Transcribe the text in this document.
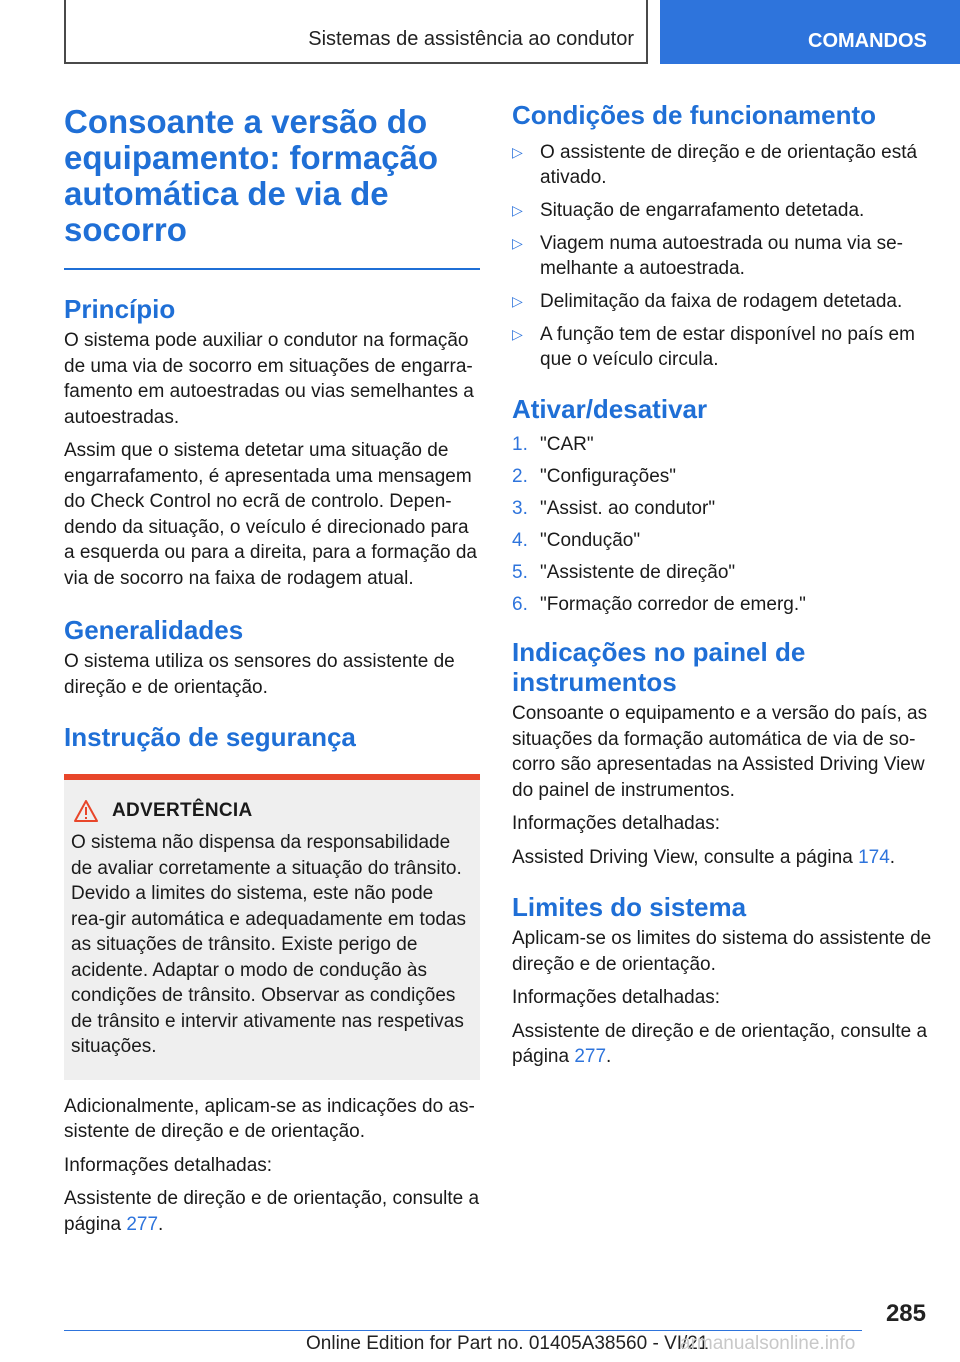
Sistemas de assistência ao condutor	COMANDOS
Consoante a versão do equipamento: formação automática de via de socorro
Princípio

O sistema pode auxiliar o condutor na formação de uma via de socorro em situações de engarra-famento em autoestradas ou vias semelhantes a autoestradas.

Assim que o sistema detetar uma situação de engarrafamento, é apresentada uma mensagem do Check Control no ecrã de controlo. Depen-dendo da situação, o veículo é direcionado para a esquerda ou para a direita, para a formação da via de socorro na faixa de rodagem atual.

Generalidades

O sistema utiliza os sensores do assistente de direção e de orientação.

Instrução de segurança
ADVERTÊNCIA
O sistema não dispensa da responsabilidade de avaliar corretamente a situação do trânsito. Devido a limites do sistema, este não pode rea-gir automática e adequadamente em todas as situações de trânsito. Existe perigo de acidente. Adaptar o modo de condução às condições de trânsito. Observar as condições de trânsito e intervir ativamente nas respetivas situações.

Adicionalmente, aplicam-se as indicações do as-sistente de direção e de orientação.

Informações detalhadas:

Assistente de direção e de orientação, consulte a página 277.

Condições de funcionamento
▷ O assistente de direção e de orientação está ativado.
▷ Situação de engarrafamento detetada.
▷ Viagem numa autoestrada ou numa via se-melhante a autoestrada.
▷ Delimitação da faixa de rodagem detetada.
▷ A função tem de estar disponível no país em que o veículo circula.
Ativar/desativar
1. "CAR"
2. "Configurações"
3. "Assist. ao condutor"
4. "Condução"
5. "Assistente de direção"
6. "Formação corredor de emerg."
Indicações no painel de instrumentos

Consoante o equipamento e a versão do país, as situações da formação automática de via de so-corro são apresentadas na Assisted Driving View do painel de instrumentos.

Informações detalhadas:

Assisted Driving View, consulte a página 174.

Limites do sistema

Aplicam-se os limites do sistema do assistente de direção e de orientação.

Informações detalhadas:

Assistente de direção e de orientação, consulte a página 277.

285
Online Edition for Part no. 01405A38560 - VI/21
armanualsonline.info
